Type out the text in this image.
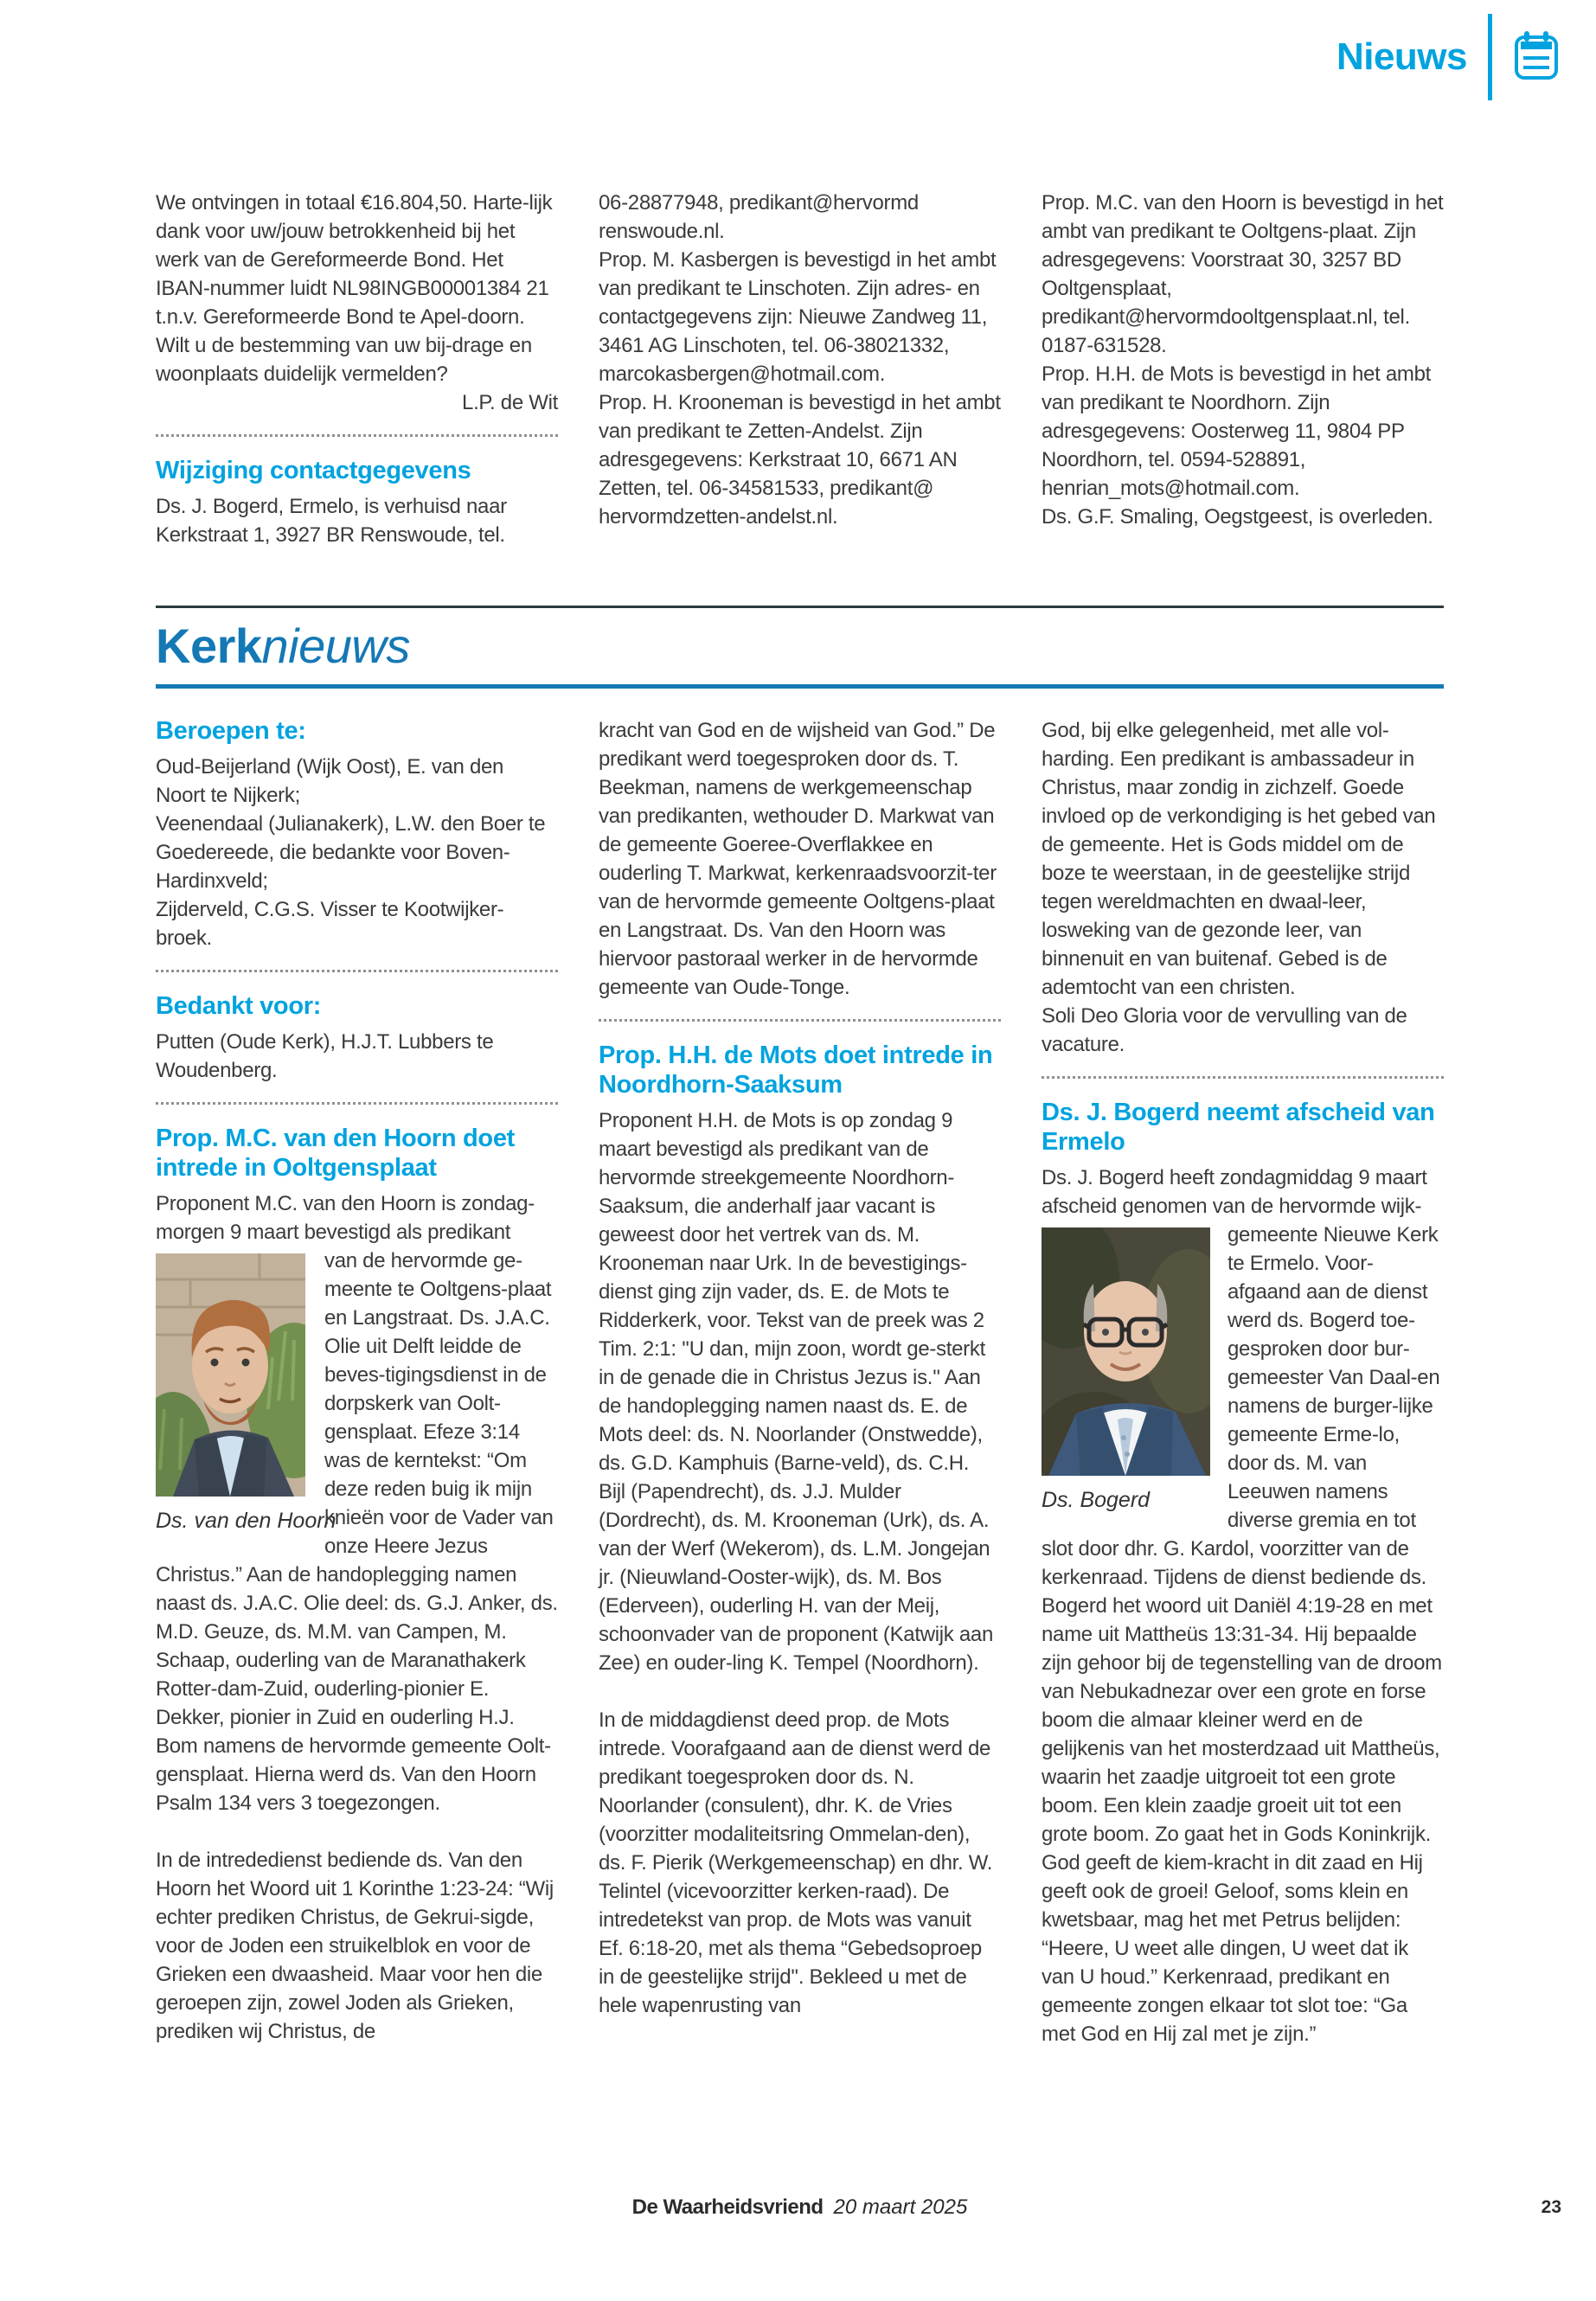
Nieuws

We ontvingen in totaal €16.804,50. Harte-lijk dank voor uw/jouw betrokkenheid bij het werk van de Gereformeerde Bond. Het IBAN-nummer luidt NL98INGB00001384 21 t.n.v. Gereformeerde Bond te Apel-doorn. Wilt u de bestemming van uw bij-drage en woonplaats duidelijk vermelden?

L.P. de Wit

Wijziging contactgegevens

Ds. J. Bogerd, Ermelo, is verhuisd naar Kerkstraat 1, 3927 BR Renswoude, tel.

06-28877948, predikant@hervormd renswoude.nl.

Prop. M. Kasbergen is bevestigd in het ambt van predikant te Linschoten. Zijn adres- en contactgegevens zijn: Nieuwe Zandweg 11, 3461 AG Linschoten, tel. 06-38021332, marcokasbergen@hotmail.com.

Prop. H. Krooneman is bevestigd in het ambt van predikant te Zetten-Andelst. Zijn adresgegevens: Kerkstraat 10, 6671 AN Zetten, tel. 06-34581533, predikant@ hervormdzetten-andelst.nl.

Prop. M.C. van den Hoorn is bevestigd in het ambt van predikant te Ooltgens-plaat. Zijn adresgegevens: Voorstraat 30, 3257 BD Ooltgensplaat, predikant@hervormdooltgensplaat.nl, tel. 0187-631528.

Prop. H.H. de Mots is bevestigd in het ambt van predikant te Noordhorn. Zijn adresgegevens: Oosterweg 11, 9804 PP Noordhorn, tel. 0594-528891, henrian_mots@hotmail.com.

Ds. G.F. Smaling, Oegstgeest, is overleden.

Kerknieuws
Beroepen te:

Oud-Beijerland (Wijk Oost), E. van den Noort te Nijkerk;

Veenendaal (Julianakerk), L.W. den Boer te Goedereede, die bedankte voor Boven-Hardinxveld;

Zijderveld, C.G.S. Visser te Kootwijker-broek.

Bedankt voor:

Putten (Oude Kerk), H.J.T. Lubbers te Woudenberg.

Prop. M.C. van den Hoorn doet intrede in Ooltgensplaat

Proponent M.C. van den Hoorn is zondag-morgen 9 maart bevestigd als predikant

Ds. van den Hoorn

van de hervormde ge-meente te Ooltgens-plaat en Langstraat. Ds. J.A.C. Olie uit Delft leidde de beves-tigingsdienst in de dorpskerk van Oolt-gensplaat. Efeze 3:14 was de kerntekst: “Om deze reden buig ik mijn knieën voor de Vader van onze Heere Jezus Christus.” Aan de handoplegging namen naast ds. J.A.C. Olie deel: ds. G.J. Anker, ds. M.D. Geuze, ds. M.M. van Campen, M. Schaap, ouderling van de Maranathakerk Rotter-dam-Zuid, ouderling-pionier E. Dekker, pionier in Zuid en ouderling H.J. Bom namens de hervormde gemeente Oolt-gensplaat. Hierna werd ds. Van den Hoorn Psalm 134 vers 3 toegezongen.

In de intrededienst bediende ds. Van den Hoorn het Woord uit 1 Korinthe 1:23-24: “Wij echter prediken Christus, de Gekrui-sigde, voor de Joden een struikelblok en voor de Grieken een dwaasheid. Maar voor hen die geroepen zijn, zowel Joden als Grieken, prediken wij Christus, de

kracht van God en de wijsheid van God.” De predikant werd toegesproken door ds. T. Beekman, namens de werkgemeenschap van predikanten, wethouder D. Markwat van de gemeente Goeree-Overflakkee en ouderling T. Markwat, kerkenraadsvoorzit-ter van de hervormde gemeente Ooltgens-plaat en Langstraat. Ds. Van den Hoorn was hiervoor pastoraal werker in de hervormde gemeente van Oude-Tonge.

Prop. H.H. de Mots doet intrede in Noordhorn-Saaksum

Proponent H.H. de Mots is op zondag 9 maart bevestigd als predikant van de hervormde streekgemeente Noordhorn-Saaksum, die anderhalf jaar vacant is geweest door het vertrek van ds. M. Krooneman naar Urk. In de bevestigings-dienst ging zijn vader, ds. E. de Mots te Ridderkerk, voor. Tekst van de preek was 2 Tim. 2:1: ''U dan, mijn zoon, wordt ge-sterkt in de genade die in Christus Jezus is.'' Aan de handoplegging namen naast ds. E. de Mots deel: ds. N. Noorlander (Onstwedde), ds. G.D. Kamphuis (Barne-veld), ds. C.H. Bijl (Papendrecht), ds. J.J. Mulder (Dordrecht), ds. M. Krooneman (Urk), ds. A. van der Werf (Wekerom), ds. L.M. Jongejan jr. (Nieuwland-Ooster-wijk), ds. M. Bos (Ederveen), ouderling H. van der Meij, schoonvader van de proponent (Katwijk aan Zee) en ouder-ling K. Tempel (Noordhorn).

In de middagdienst deed prop. de Mots intrede. Voorafgaand aan de dienst werd de predikant toegesproken door ds. N. Noorlander (consulent), dhr. K. de Vries (voorzitter modaliteitsring Ommelan-den), ds. F. Pierik (Werkgemeenschap) en dhr. W. Telintel (vicevoorzitter kerken-raad). De intredetekst van prop. de Mots was vanuit Ef. 6:18-20, met als thema “Gebedsoproep in de geestelijke strijd''. Bekleed u met de hele wapenrusting van

God, bij elke gelegenheid, met alle vol-harding. Een predikant is ambassadeur in Christus, maar zondig in zichzelf. Goede invloed op de verkondiging is het gebed van de gemeente. Het is Gods middel om de boze te weerstaan, in de geestelijke strijd tegen wereldmachten en dwaal-leer, losweking van de gezonde leer, van binnenuit en van buitenaf. Gebed is de ademtocht van een christen.

Soli Deo Gloria voor de vervulling van de vacature.

Ds. J. Bogerd neemt afscheid van Ermelo

Ds. J. Bogerd heeft zondagmiddag 9 maart afscheid genomen van de hervormde wijk-

Ds. Bogerd

gemeente Nieuwe Kerk te Ermelo. Voor-afgaand aan de dienst werd ds. Bogerd toe-gesproken door bur-gemeester Van Daal-en namens de burger-lijke gemeente Erme-lo, door ds. M. van Leeuwen namens diverse gremia en tot slot door dhr. G. Kardol, voorzitter van de kerkenraad. Tijdens de dienst bediende ds. Bogerd het woord uit Daniël 4:19-28 en met name uit Mattheüs 13:31-34. Hij bepaalde zijn gehoor bij de tegenstelling van de droom van Nebukadnezar over een grote en forse boom die almaar kleiner werd en de gelijkenis van het mosterdzaad uit Mattheüs, waarin het zaadje uitgroeit tot een grote boom. Een klein zaadje groeit uit tot een grote boom. Zo gaat het in Gods Koninkrijk. God geeft de kiem-kracht in dit zaad en Hij geeft ook de groei! Geloof, soms klein en kwetsbaar, mag het met Petrus belijden: “Heere, U weet alle dingen, U weet dat ik van U houd.” Kerkenraad, predikant en gemeente zongen elkaar tot slot toe: “Ga met God en Hij zal met je zijn.”

De Waarheidsvriend 20 maart 2025	23
